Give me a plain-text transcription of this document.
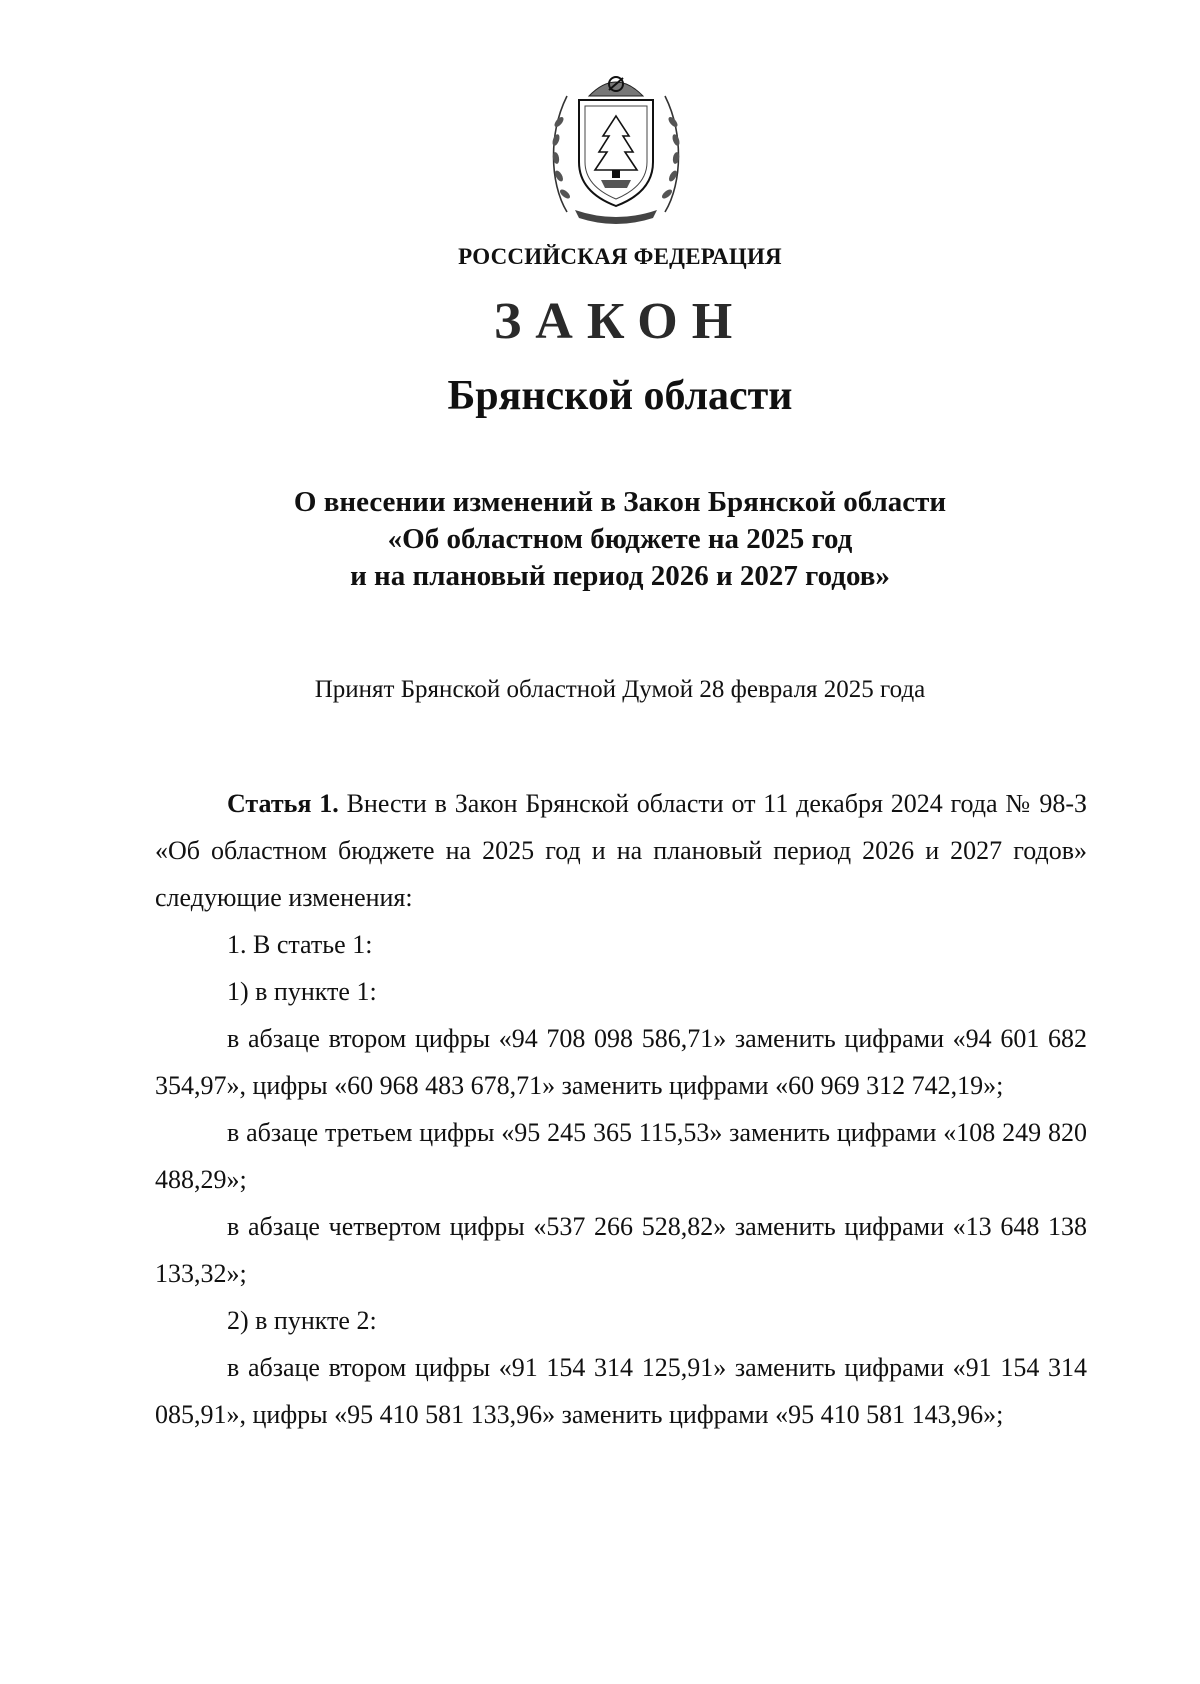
РОССИЙСКАЯ ФЕДЕРАЦИЯ
ЗАКОН
Брянской области
О внесении изменений в Закон Брянской области
«Об областном бюджете на 2025 год
и на плановый период 2026 и 2027 годов»
Принят Брянской областной Думой 28 февраля 2025 года

Статья 1. Внести в Закон Брянской области от 11 декабря 2024 года № 98-З «Об областном бюджете на 2025 год и на плановый период 2026 и 2027 годов» следующие изменения:

1. В статье 1:

1) в пункте 1:

в абзаце втором цифры «94 708 098 586,71» заменить цифрами «94 601 682 354,97», цифры «60 968 483 678,71» заменить цифрами «60 969 312 742,19»;

в абзаце третьем цифры «95 245 365 115,53» заменить цифрами «108 249 820 488,29»;

в абзаце четвертом цифры «537 266 528,82» заменить цифрами «13 648 138 133,32»;

2) в пункте 2:

в абзаце втором цифры «91 154 314 125,91» заменить цифрами «91 154 314 085,91», цифры «95 410 581 133,96» заменить цифрами «95 410 581 143,96»;
